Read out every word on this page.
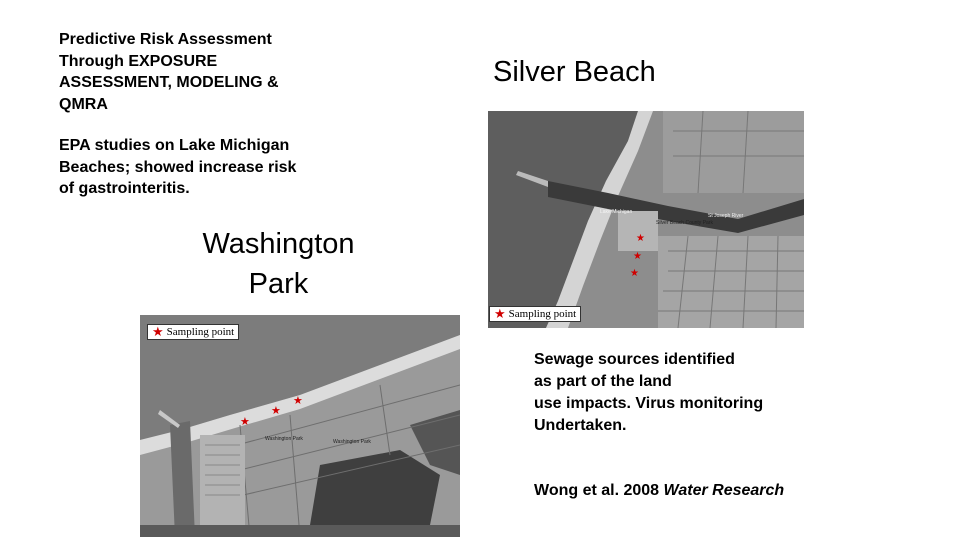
Predictive Risk Assessment
Through EXPOSURE
ASSESSMENT, MODELING &
QMRA
EPA studies on Lake Michigan
Beaches; showed increase risk
of gastrointeritis.
Silver Beach
Washington
Park
Lake Michigan
Silver Beach County Park
St Joseph River
★
★
★
★ Sampling point
Washington Park	Washington Park
★
★
★
★ Sampling point
Sewage sources identified
as part of the land
use impacts. Virus monitoring
Undertaken.
Wong et al. 2008 Water Research
